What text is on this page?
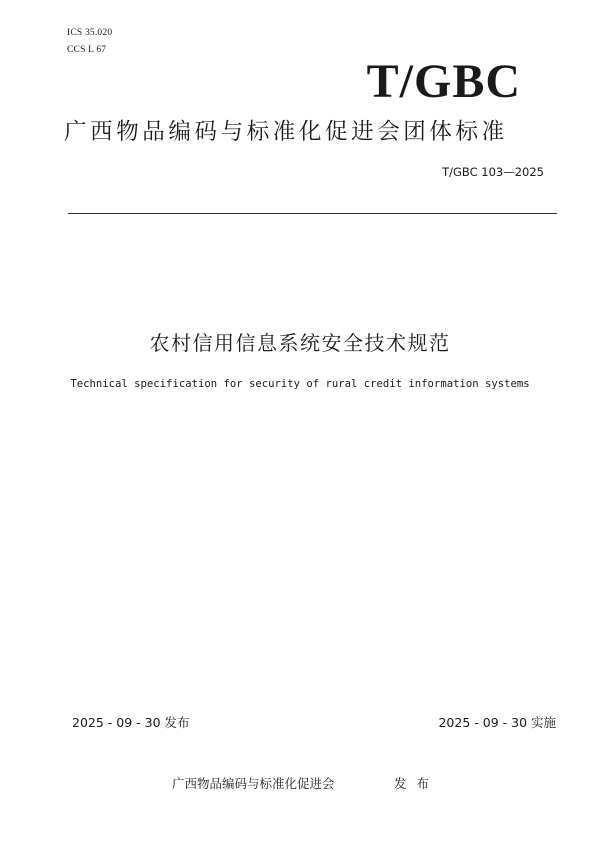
ICS 35.020
CCS L 67
T/GBC
广西物品编码与标准化促进会团体标准
T/GBC 103—2025
农村信用信息系统安全技术规范
Technical specification for security of rural credit information systems
2025 - 09 - 30 发布	2025 - 09 - 30 实施
广西物品编码与标准化促进会	发布
